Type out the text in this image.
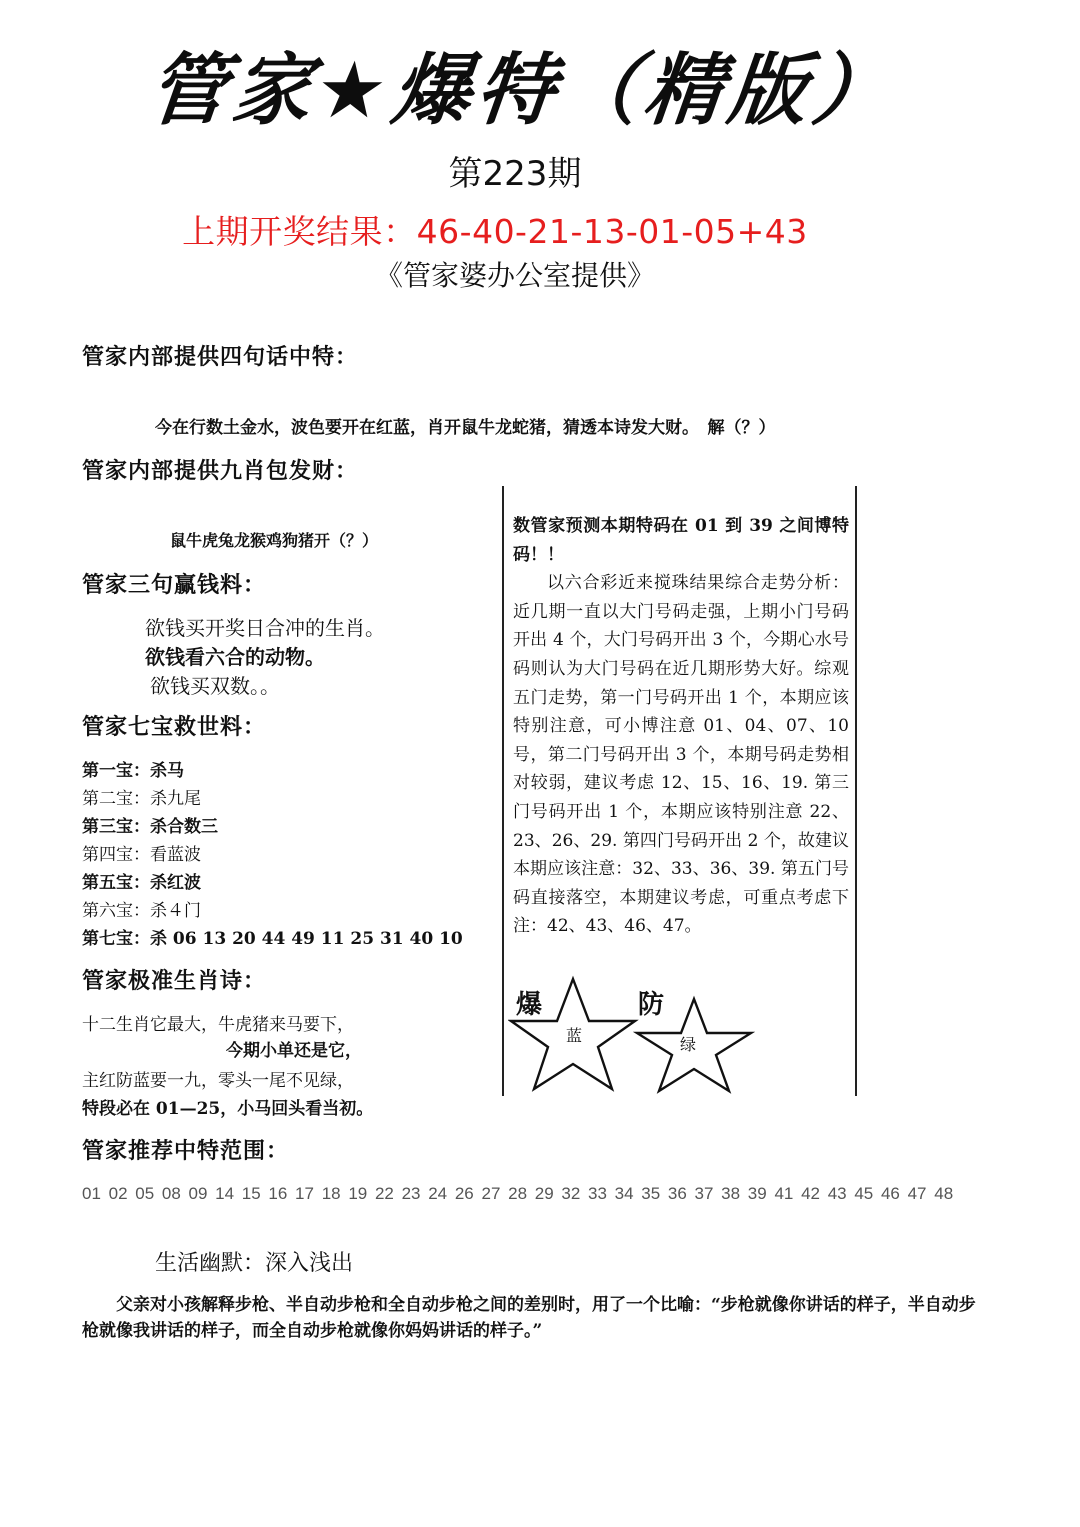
管家★爆特（精版）
第223期
上期开奖结果：46-40-21-13-01-05+43
《管家婆办公室提供》
管家内部提供四句话中特：
今在行数土金水，波色要开在红蓝，肖开鼠牛龙蛇猪，猜透本诗发大财。　解（？）
管家内部提供九肖包发财：
鼠牛虎兔龙猴鸡狗猪开（？）
管家三句赢钱料：
欲钱买开奖日合冲的生肖。
欲钱看六合的动物。
欲钱买双数。。
管家七宝救世料：
第一宝：杀马
第二宝：杀九尾
第三宝：杀合数三
第四宝：看蓝波
第五宝：杀红波
第六宝：杀４门
第七宝：杀 06 13 20 44 49 11 25 31 40 10
管家极准生肖诗：
十二生肖它最大，牛虎猪来马要下，
今期小单还是它，
主红防蓝要一九，零头一尾不见绿，
特段必在 01—25，小马回头看当初。
管家推荐中特范围：
01 02 05 08 09 14 15 16 17 18 19 22 23 24 26 27 28 29 32 33 34 35 36 37 38 39 41 42 43 45 46 47 48
生活幽默：深入浅出
父亲对小孩解释步枪、半自动步枪和全自动步枪之间的差别时，用了一个比喻：“步枪就像你讲话的样子，半自动步枪就像我讲话的样子，而全自动步枪就像你妈妈讲话的样子。”

数管家预测本期特码在 01 到 39 之间博特码！！

以六合彩近来搅珠结果综合走势分析：近几期一直以大门号码走强，上期小门号码开出 4 个，大门号码开出 3 个，今期心水号码则认为大门号码在近几期形势大好。综观五门走势，第一门号码开出 1 个，本期应该特别注意，可小博注意 01、04、07、10 号，第二门号码开出 3 个，本期号码走势相对较弱，建议考虑 12、15、16、19. 第三门号码开出 1 个，本期应该特别注意 22、23、26、29. 第四门号码开出 2 个，故建议本期应该注意：32、33、36、39. 第五门号码直接落空，本期建议考虑，可重点考虑下注：42、43、46、47。

爆	防
蓝	绿
